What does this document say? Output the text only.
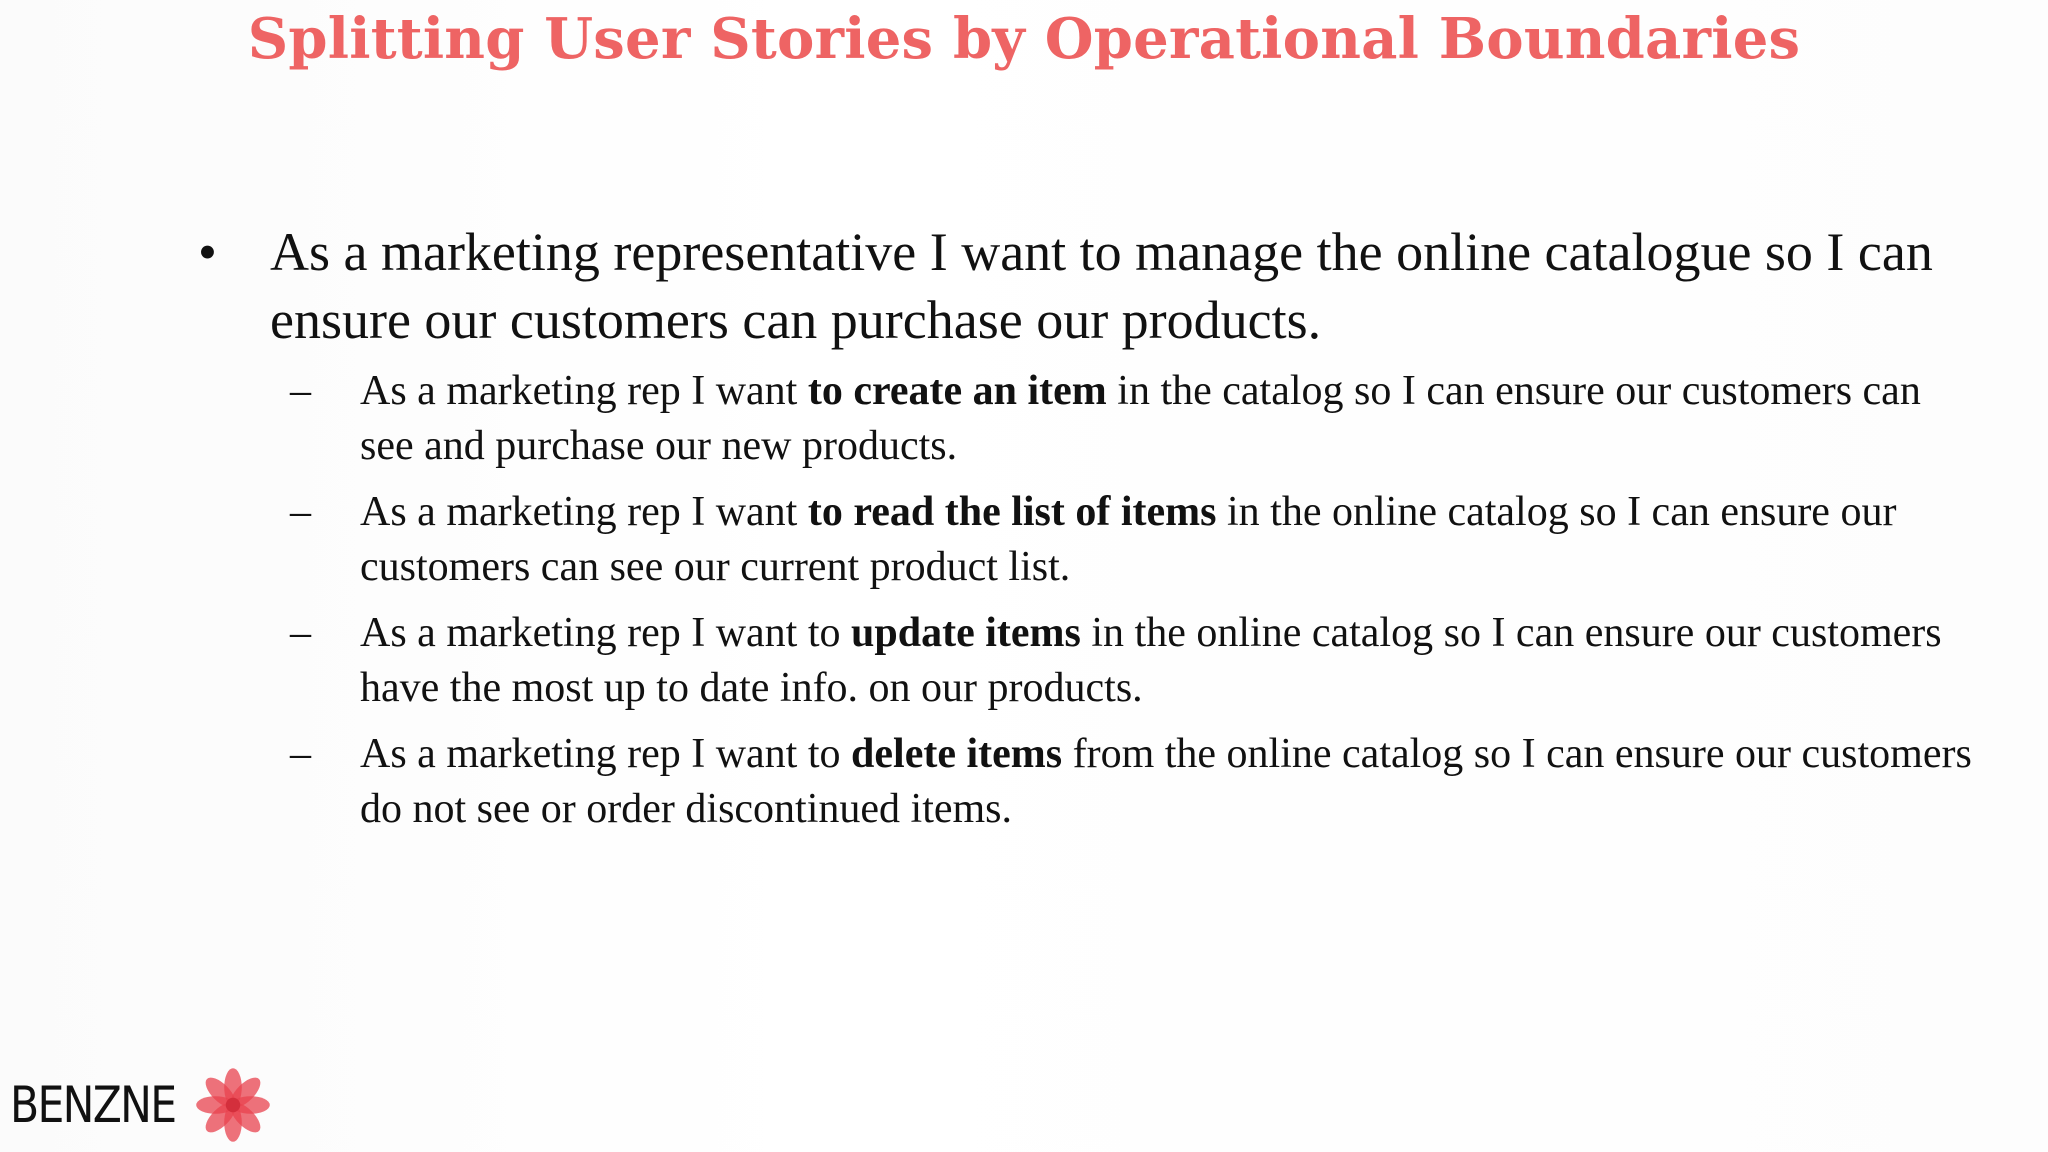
Splitting User Stories by Operational Boundaries
• As a marketing representative I want to manage the online catalogue so I can ensure our customers can purchase our products.
– As a marketing rep I want to create an item in the catalog so I can ensure our customers can see and purchase our new products.
– As a marketing rep I want to read the list of items in the online catalog so I can ensure our customers can see our current product list.
– As a marketing rep I want to update items in the online catalog so I can ensure our customers have the most up to date info. on our products.
– As a marketing rep I want to delete items from the online catalog so I can ensure our customers do not see or order discontinued items.
BENZNE
